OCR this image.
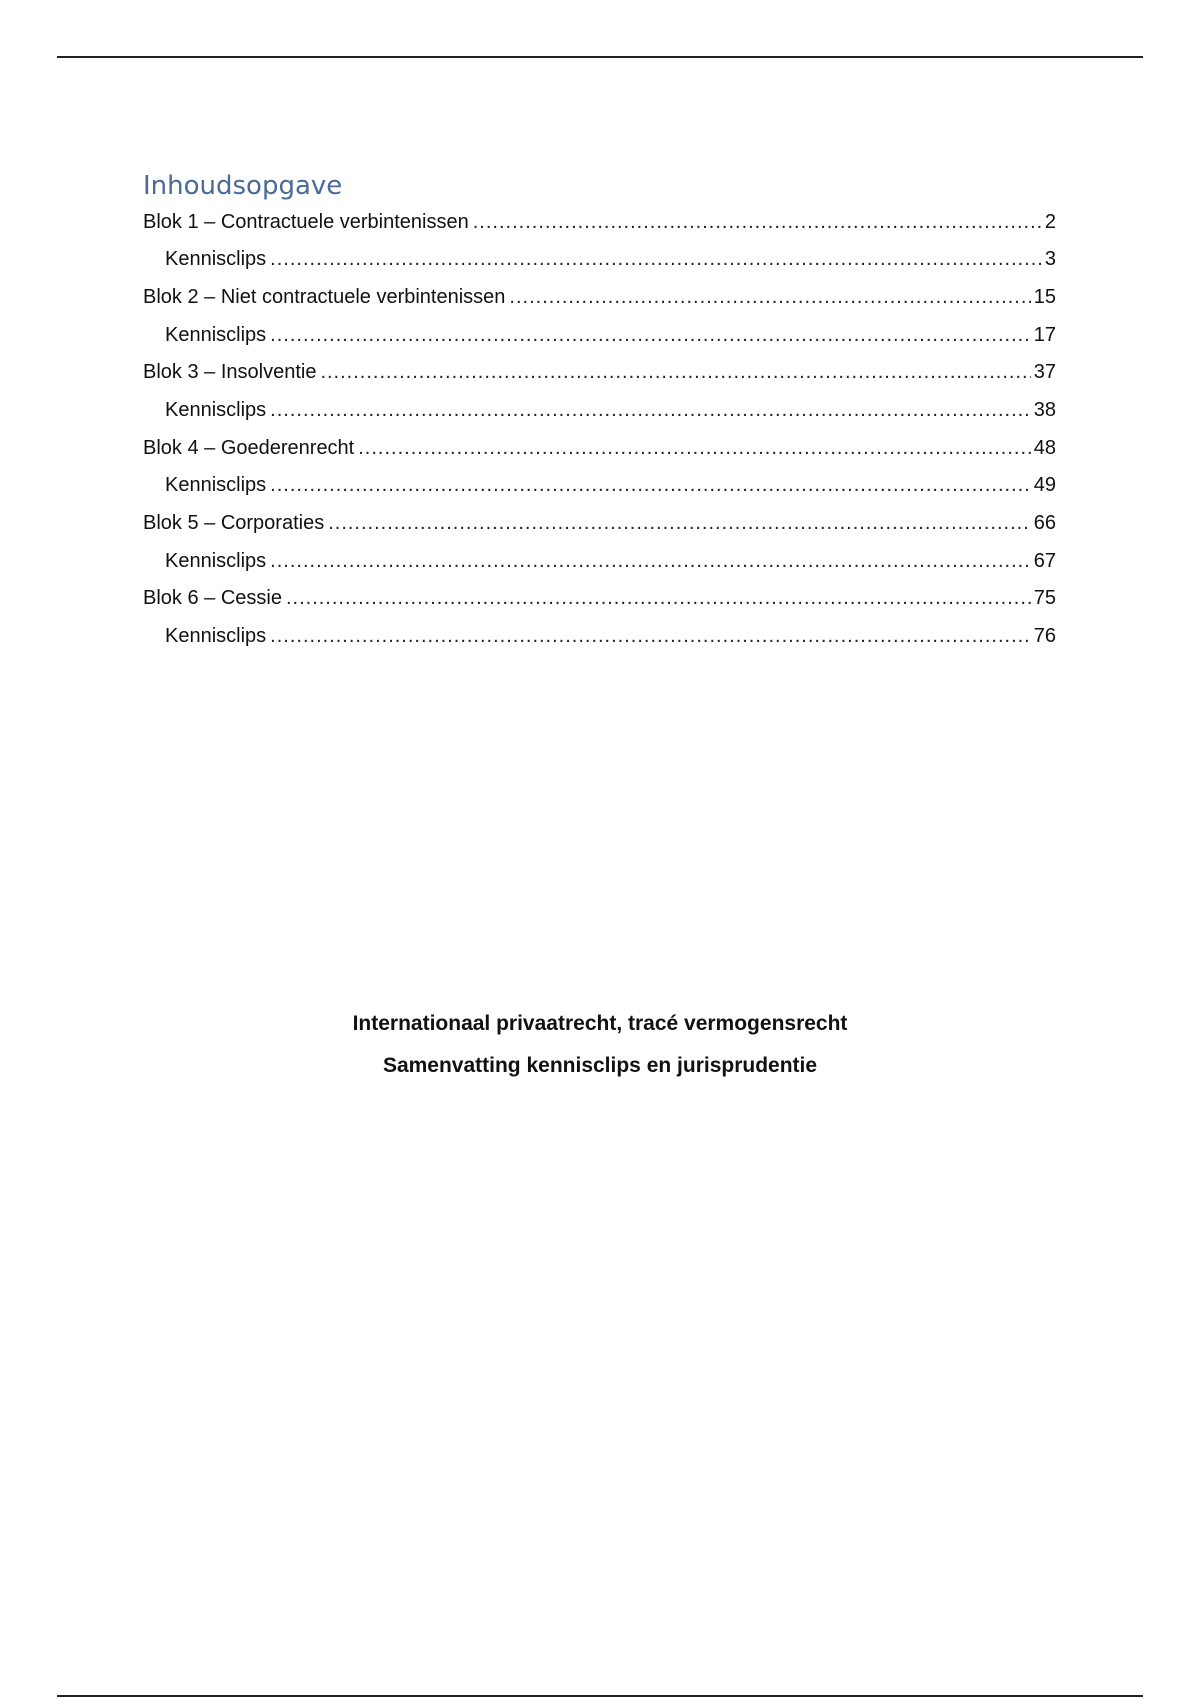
Inhoudsopgave
Blok 1 – Contractuele verbintenissen .....	2
Kennisclips .....	3
Blok 2 – Niet contractuele verbintenissen .....	15
Kennisclips .....	17
Blok 3 – Insolventie .....	37
Kennisclips .....	38
Blok 4 – Goederenrecht .....	48
Kennisclips .....	49
Blok 5 – Corporaties .....	66
Kennisclips .....	67
Blok 6 – Cessie .....	75
Kennisclips .....	76
Internationaal privaatrecht, tracé vermogensrecht
Samenvatting kennisclips en jurisprudentie
